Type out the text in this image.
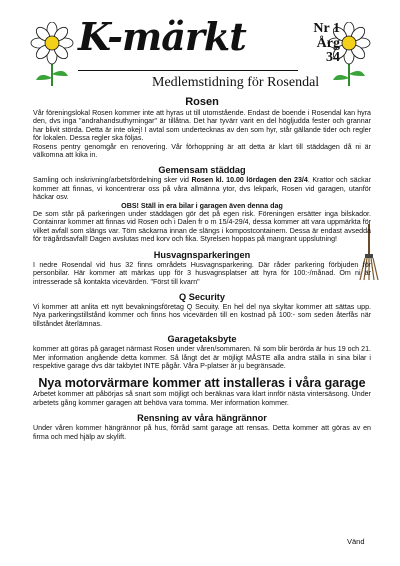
K-märkt	Nr 1
Årg 34
Medlemstidning för Rosendal
Rosen

Vår föreningslokal Rosen kommer inte att hyras ut till utomstående. Endast de boende i Rosendal kan hyra den, dvs inga "andrahandsuthyrningar" är tillåtna. Det har tyvärr varit en del högljudda fester och grannar har blivit störda. Detta är inte okej! I avtal som undertecknas av den som hyr, står gällande tider och regler för lokalen. Dessa regler ska följas.

Rosens pentry genomgår en renovering. Vår förhoppning är att detta är klart till städdagen då ni är välkomna att kika in.

Gemensam städdag

Samling och inskrivning/arbetsfördelning sker vid Rosen kl. 10.00 lördagen den 23/4. Krattor och säckar kommer att finnas, vi koncentrerar oss på våra allmänna ytor, dvs lekpark, Rosen vid garagen, utanför häckar osv.

OBS! Ställ in era bilar i garagen även denna dag

De som står på parkeringen under städdagen gör det på egen risk. Föreningen ersätter inga bilskador. Containrar kommer att finnas vid Rosen och i Dalen fr o m 15/4-29/4, dessa kommer att vara uppmärkta för vilket avfall som slängs var. Töm säckarna innan de slängs i kompostcontainern. Dessa är endast avsedda för trägårdsavfall! Dagen avslutas med korv och fika. Styrelsen hoppas på mangrant uppslutning!

Husvagnsparkeringen

I nedre Rosendal vid hus 32 finns områdets Husvagnsparkering. Där råder parkering förbjuden för personbilar. Här kommer att märkas upp för 3 husvagnsplatser att hyra för 100:-/månad. Om ni är intresserade så kontakta vicevärden. "Först till kvarn"

Q Security

Vi kommer att anlita ett nytt bevakningsföretag Q Secuity. En hel del nya skyltar kommer att sättas upp. Nya parkeringstillstånd kommer och finns hos vicevärden till en kostnad på 100:- som seden återfås när tillståndet återlämnas.

Garagetaksbyte

kommer att göras på garaget närmast Rosen under våren/sommaren. Ni som blir berörda är hus 19 och 21. Mer information angående detta kommer. Så långt det är möjligt MÅSTE alla andra ställa in sina bilar i respektive garage dvs där takbytet INTE pågår. Våra P-platser är ju begränsade.

Nya motorvärmare kommer att installeras i våra garage

Arbetet kommer att påbörjas så snart som möjligt och beräknas vara klart innför nästa vintersäsong. Under arbetets gång kommer garagen att behöva vara tomma. Mer information kommer.

Rensning av våra hängrännor

Under våren kommer hängrännor på hus, förråd samt garage att rensas. Detta kommer att göras av en firma och med hjälp av skylift.

Vänd
